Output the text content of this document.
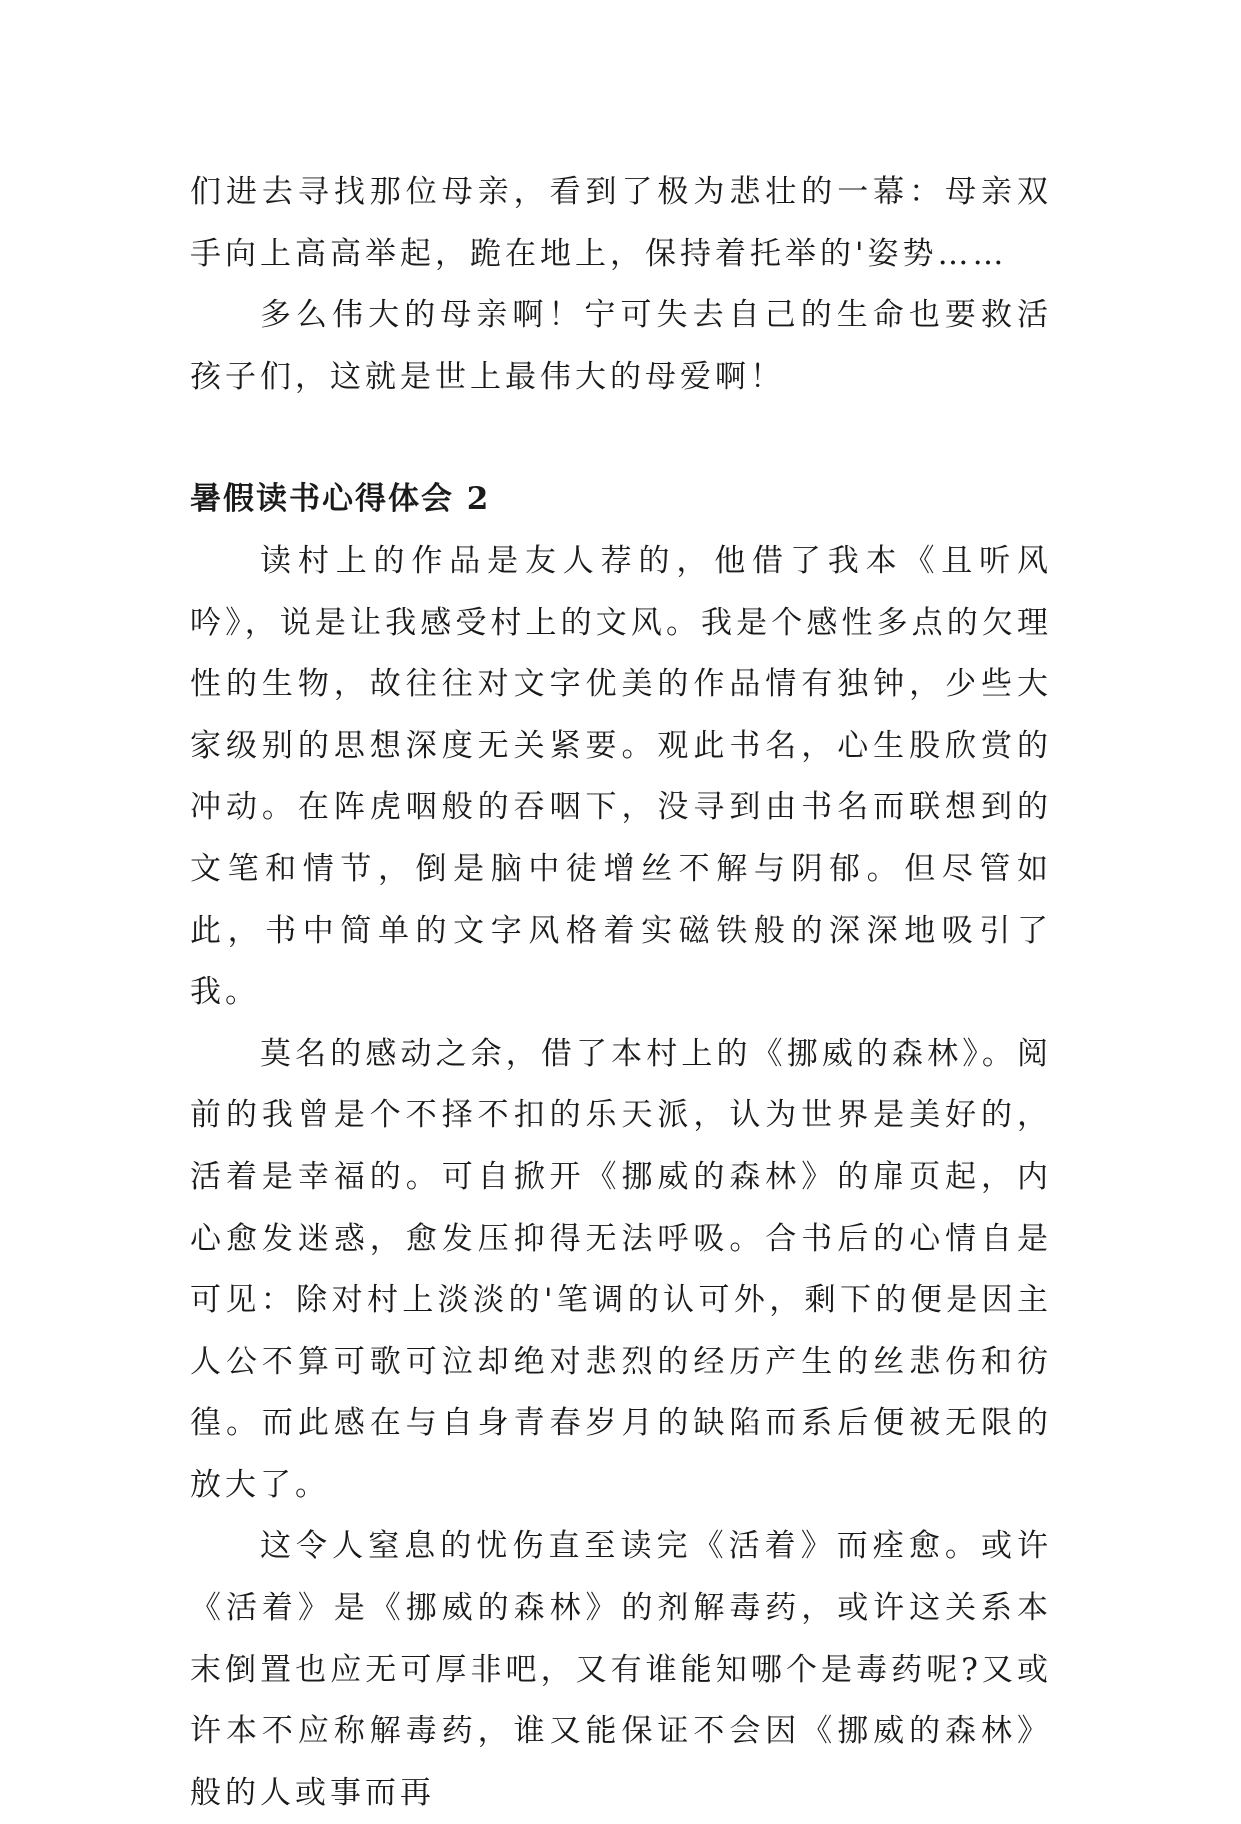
们进去寻找那位母亲，看到了极为悲壮的一幕：母亲双手向上高高举起，跪在地上，保持着托举的'姿势……

多么伟大的母亲啊！宁可失去自己的生命也要救活孩子们，这就是世上最伟大的母爱啊！

暑假读书心得体会 2

读村上的作品是友人荐的，他借了我本《且听风吟》，说是让我感受村上的文风。我是个感性多点的欠理性的生物，故往往对文字优美的作品情有独钟，少些大家级别的思想深度无关紧要。观此书名，心生股欣赏的冲动。在阵虎咽般的吞咽下，没寻到由书名而联想到的文笔和情节，倒是脑中徒增丝不解与阴郁。但尽管如此，书中简单的文字风格着实磁铁般的深深地吸引了我。

莫名的感动之余，借了本村上的《挪威的森林》。阅前的我曾是个不择不扣的乐天派，认为世界是美好的，活着是幸福的。可自掀开《挪威的森林》的扉页起，内心愈发迷惑，愈发压抑得无法呼吸。合书后的心情自是可见：除对村上淡淡的'笔调的认可外，剩下的便是因主人公不算可歌可泣却绝对悲烈的经历产生的丝悲伤和彷徨。而此感在与自身青春岁月的缺陷而系后便被无限的放大了。

这令人窒息的忧伤直至读完《活着》而痊愈。或许《活着》是《挪威的森林》的剂解毒药，或许这关系本末倒置也应无可厚非吧，又有谁能知哪个是毒药呢?又或许本不应称解毒药，谁又能保证不会因《挪威的森林》般的人或事而再
